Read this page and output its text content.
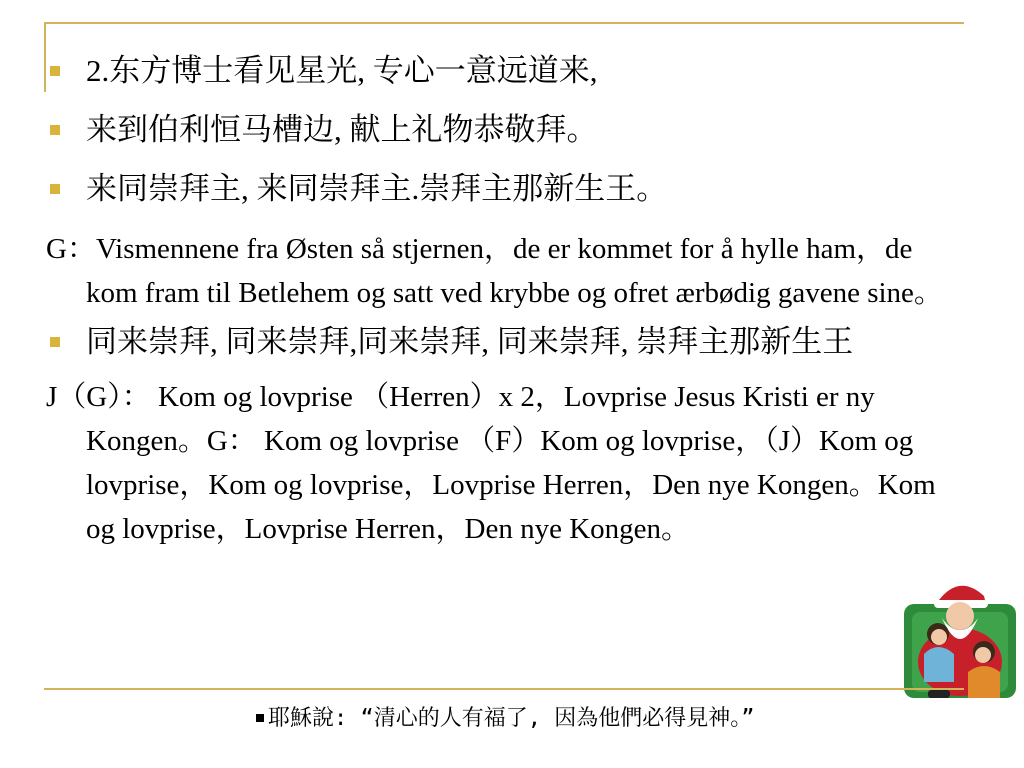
2.东方博士看见星光, 专心一意远道来,
来到伯利恒马槽边, 献上礼物恭敬拜。
来同崇拜主, 来同崇拜主.崇拜主那新生王。
G：Vismennene fra Østen så stjernen，de er kommet for å hylle ham，de kom fram til Betlehem og satt ved krybbe og ofret ærbødig gavene sine。
同来崇拜, 同来崇拜,同来崇拜, 同来崇拜, 崇拜主那新生王
J（G）： Kom og lovprise （Herren）x 2，Lovprise Jesus Kristi er ny Kongen。G： Kom og lovprise （F）Kom og lovprise，（J）Kom og lovprise，Kom og lovprise，Lovprise Herren，Den nye Kongen。Kom og lovprise，Lovprise Herren，Den nye Kongen。
耶穌說: “清心的人有福了, 因為他們必得見神。”
